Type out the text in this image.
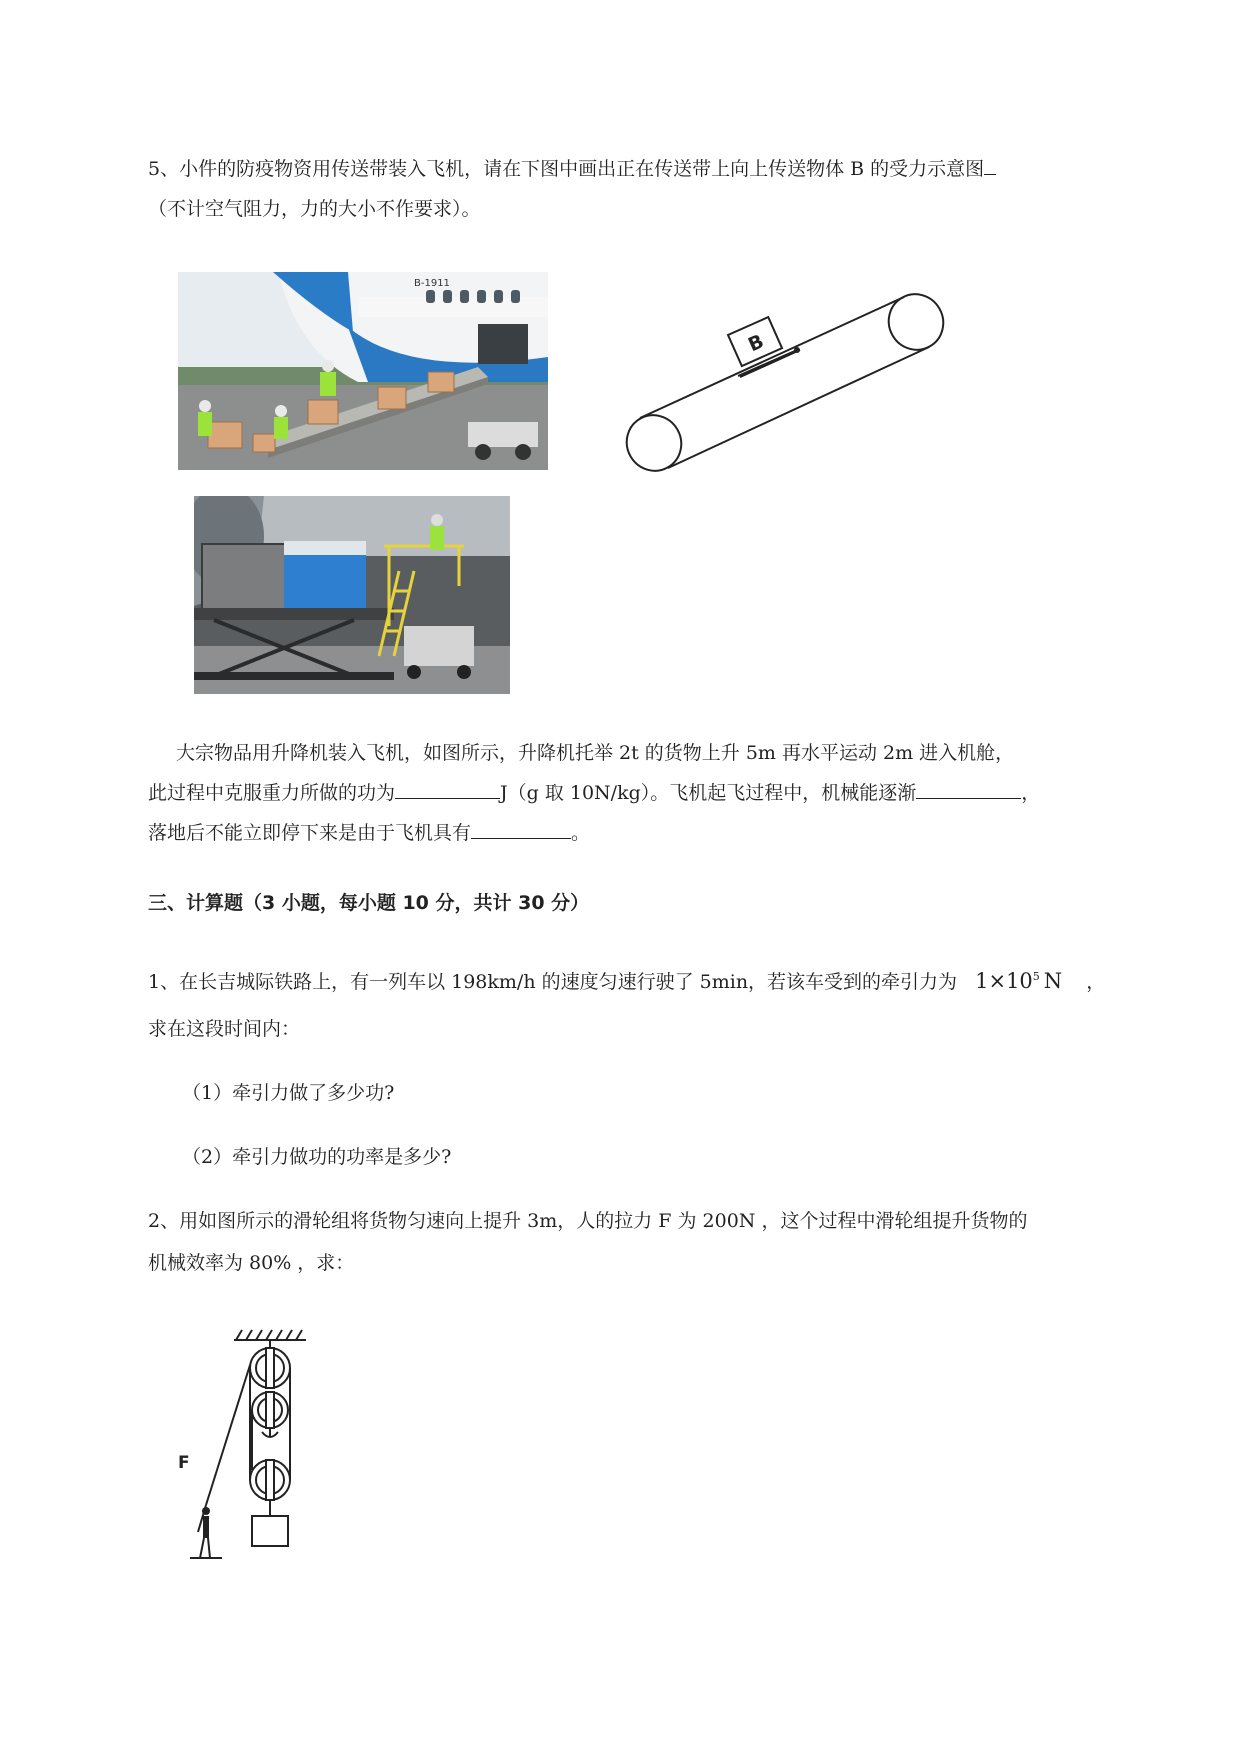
5、小件的防疫物资用传送带装入飞机，请在下图中画出正在传送带上向上传送物体 B 的受力示意图
（不计空气阻力，力的大小不作要求）。
B-1911
B
大宗物品用升降机装入飞机，如图所示，升降机托举 2t 的货物上升 5m 再水平运动 2m 进入机舱，
此过程中克服重力所做的功为	J（g 取 10N/kg）。飞机起飞过程中，机械能逐渐	，
落地后不能立即停下来是由于飞机具有	。
三、计算题（3 小题，每小题 10 分，共计 30 分）
1、在长吉城际铁路上，有一列车以 198km/h 的速度匀速行驶了 5min，若该车受到的牵引力为 $1\times 10^5$ N ，
求在这段时间内：
（1）牵引力做了多少功?
（2）牵引力做功的功率是多少?
2、用如图所示的滑轮组将货物匀速向上提升 3m，人的拉力 F 为 200N ，这个过程中滑轮组提升货物的
机械效率为 80% ，求：
F
